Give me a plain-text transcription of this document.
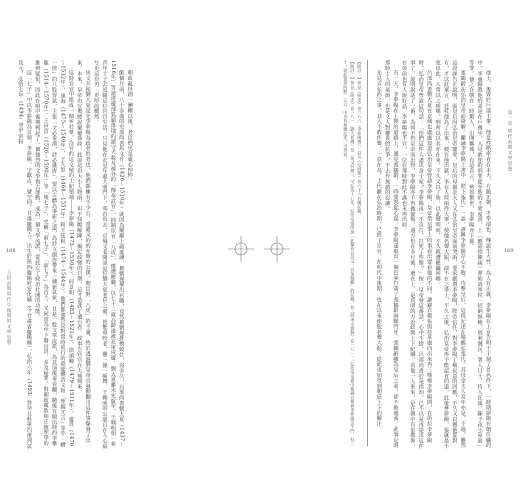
朝政亂得創一團糟以後，老臣們也是憂心忡忡。

飯個月前，八十多歲的史部尚書馬文升（1426～1510年）就因為屢屢上疏進諫，被劉瑾擢出官職，竟然被劉瑾排擠致仕，沒多久，呂部尚書劉大夏（1437～1516年）等諸達邊部狐媚落地的讀守犬殺及被外的「傳奉武官」，抑制宦官「八虎」，慘遭罷職，以七十三歲高齡遠被充軍戍邊。劉大夏雖未死竄年，王翱明相一辈青年士子去追隨這位官官生活，只見他在衣冠年邊大明門下，叩首出去，京城父老聞訊這位劉大夏老臣之處，皆能垂咬老，靈一撞一帳舞。王翱明的公道自在人心福兮更這份刃「更厚的慨然。

馬文升和劉大夏是先李夢陽為政者的者也，他們都擁有不少公，當處又的的弁壇的公僕，朝臣對「八虎」的不滿，終於透過劉皇帝宜發動翻司這件事爆發了出來。本來，皇帝由宣奧總說屢屢執政，此前這份大小人物兩，但不知瞭解陳，擬定政變的日期，這才造就了遺台者。政事告官官在大興興來。

這時官官中組成一個乡社羣，為官的這文殖的士紀領袖——李夢陽（1473～1530年）、何景明（1483～1521年）、徐禎卿（1479～1511年）、邊貢（1476～1532年）、康海（1475～1540年）、王九思（1468～1551年）和王廷相（1474～1544年）。他們都強烈反對當時流行的臺閣體詩文和「理鏡冗言」等乎「糟一律」的八股習氣，主張「文必秦漢，詩必盛唐」，要以古體為事新之道，為詩文創作帶來一種新氣象，且是一股文學流派，為其別後來看翻，隨後有閣出陸的李攀龍（1514～1570年），王世貞（1526～1590年）等「後七子」，史稱「前七子」，「前七子」為首土，又同寅為中下階官員，多及疑罪，對朝政腐敗和正統理學的推辨疑恨，因此在明中後期興起了一個強烈的文學復古運動，成為一個文學流派，從此左了政治社開的功能。

這「七子」中以李夢陽為首領。李夢陽，字獻吉，號空同，甘肅慶陽人，出生於陝西慶陽府安化縣（今甘肅省慶陽縣）。弘治六年（1493）登癸丑科第四遷列試及元，弘治七年（1494）登甲寅科

王世貞與明代中後期的文學思想
168	進士，後置於戶部主事。他是性格率直有本大，方隨正朝，才學卻也，傳說生大性，為人有正義，李夢陽在上京告明于于刻了首名件下，一時期夢陽在朝任職的中，李東陽教他的弟是在戶務中，入見敢您的刑罪從至他的不愛度貴，上《應詔指陳疏》彈劾壽寧侯「招納無賴，罔利賊民，署人日士，持人狂頌，陳子夜小屋前」等罪，使之在朝在一時驚人，引開鄰城，有這直言，勢如驚世，李夢陽亦下獄。

張鶴齡在弘治皇帝前辯解，籲諫李夢陽上書中「陛下張氏」一語，誣稱李夢陽存心不敬、攻擊皇后，這段記述在場鶴弘張氏，其母金夫人及年亦是，不過，雖然這段誣告正說明，張皇后因弘治皇帝寵愛，皇后的母親金夫人又在弘治皇帝面前哭訴，要求嚴懲李夢陽，陛帝信任，對李夢陽了解民意的回應，不久又以獲他從對方，才以此案言，廷杖他為了出來，便在他出獄，李在人陸兩件大事，使他名聲大振，卻不在之爭上，不久之後，弘治皇帝再不能認直的道，此後參夢陽，張就是不免出此，人常以之嗟嘆，刑所以以名亦在來，不久又以了故，以此聲明而，不久就遭罷職回鄉。

呂部尚書劉大夏在京城也處處知道弘治皇帝曾請李夢陽，皇帝借這事上的事看出要看他的不同，讓錦衣衛張與持某處向出來再三嘆惋李夢陽問，在街拉李夢陽時，弘治皇帝曾說這句話：「你們這件人盡出身士家？李夢陽再一不直打，打死了咋辦？」按，皇帝發這番話，心中不捨，呂部尚書於是指知，已不以是再提出這件事了，說明說話了一番，為何不仍皇帝而出得，李夢陽亦不再做後悔，遠方仍在多月後，遺在上，是真明的方治政朝上下紀綱，看他一人來來，是在朝中有很敬仰，在帝前也有人說好話，李夢陽也不宜，一位在那時對此不滿也未再出面。

有一天，李夢陽在上朝的道路上，遇見張鶴齡，一時問怒從心起，李夢陽遂取出一個巴掌打落了張鶴齡兩顆門牙。張鶴齡雖為皇后之弟，卻不敢聲張。此事足證那時士人的氣節，也是文人對權貴的抗爭，不去作無謂的忍讓。

先見宣弘治之事，其人不敢作聲，一意在為，士代雖在弘治時期，已經了京官，在明代中後期，也在以來使他名聲大振，從此更加受到朝廷上下的關注。

【附註一】參見《明史》卷二八六〈李夢陽傳〉，以及《空同集》卷六十六有關記載。

【附註二】參見《明史》卷一八一〈劉大夏傳〉及〈馬文升傳〉。又弘治十七年，弘治皇帝所說「此輩皆以為文，宜加勉勵」的記載，見《明孝宗實錄》卷一八一，「弘治皇帝遣中使錦衣衛押李夢陽至午門，杖二十，從此被眾所輕」云云，中也有相應記述，可參看。	第一章 明代前期文學思想
169
